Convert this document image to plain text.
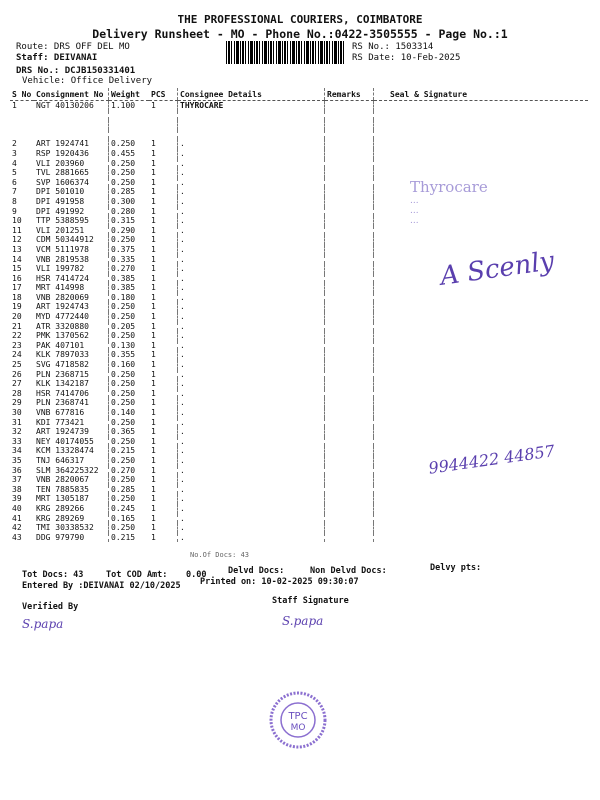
THE PROFESSIONAL COURIERS, COIMBATORE
Delivery Runsheet - MO - Phone No.:0422-3505555 - Page No.:1
Route: DRS OFF DEL MO
Staff: DEIVANAI
DRS No.: DCJB150331401
Vehicle: Office Delivery
RS No.: 1503314
RS Date: 10-Feb-2025
S No	Consignment No	Weight	PCS	Consignee Details	Remarks	Seal & Signature
1	NGT 40130206	1.100	1	THYROCARE		

2	ART 1924741	0.250	1	.		
3	RSP 1920436	0.455	1	.		
4	VLI 203960	0.250	1	.		
5	TVL 2881665	0.250	1	.		
6	SVP 1606374	0.250	1	.		
7	DPI 501010	0.285	1	.		
8	DPI 491958	0.300	1	.		
9	DPI 491992	0.280	1	.		
10	TTP 5388595	0.315	1	.		
11	VLI 201251	0.290	1	.		
12	CDM 50344912	0.250	1	.		
13	VCM 5111978	0.375	1	.		
14	VNB 2819538	0.335	1	.		
15	VLI 199782	0.270	1	.		
16	HSR 7414724	0.385	1	.		
17	MRT 414998	0.385	1	.		
18	VNB 2820069	0.180	1	.		
19	ART 1924743	0.250	1	.		
20	MYD 4772440	0.250	1	.		
21	ATR 3320880	0.205	1	.		
22	PMK 1370562	0.250	1	.		
23	PAK 407101	0.130	1	.		
24	KLK 7897033	0.355	1	.		
25	SVG 4718582	0.160	1	.		
26	PLN 2368715	0.250	1	.		
27	KLK 1342187	0.250	1	.		
28	HSR 7414706	0.250	1	.		
29	PLN 2368741	0.250	1	.		
30	VNB 677816	0.140	1	.		
31	KDI 773421	0.250	1	.		
32	ART 1924739	0.365	1	.		
33	NEY 40174055	0.250	1	.		
34	KCM 13328474	0.215	1	.		
35	TNJ 646317	0.250	1	.		
36	SLM 364225322	0.270	1	.		
37	VNB 2820067	0.250	1	.		
38	TEN 7885835	0.285	1	.		
39	MRT 1305187	0.250	1	.		
40	KRG 289266	0.245	1	.		
41	KRG 289269	0.165	1	.		
42	TMI 30338532	0.250	1	.		
43	DDG 979790	0.215	1	.		
No.Of Docs: 43
Tot Docs: 43	Tot COD Amt: 0.00	Delvd Docs:	Non Delvd Docs:	Delvy pts:
Entered By :DEIVANAI 02/10/2025 Printed on: 10-02-2025 09:30:07
Staff Signature
Verified By
S.papa	S.papa
Thyrocare
...
...
...
A Scenly
9944422 44857
TPC
MO
